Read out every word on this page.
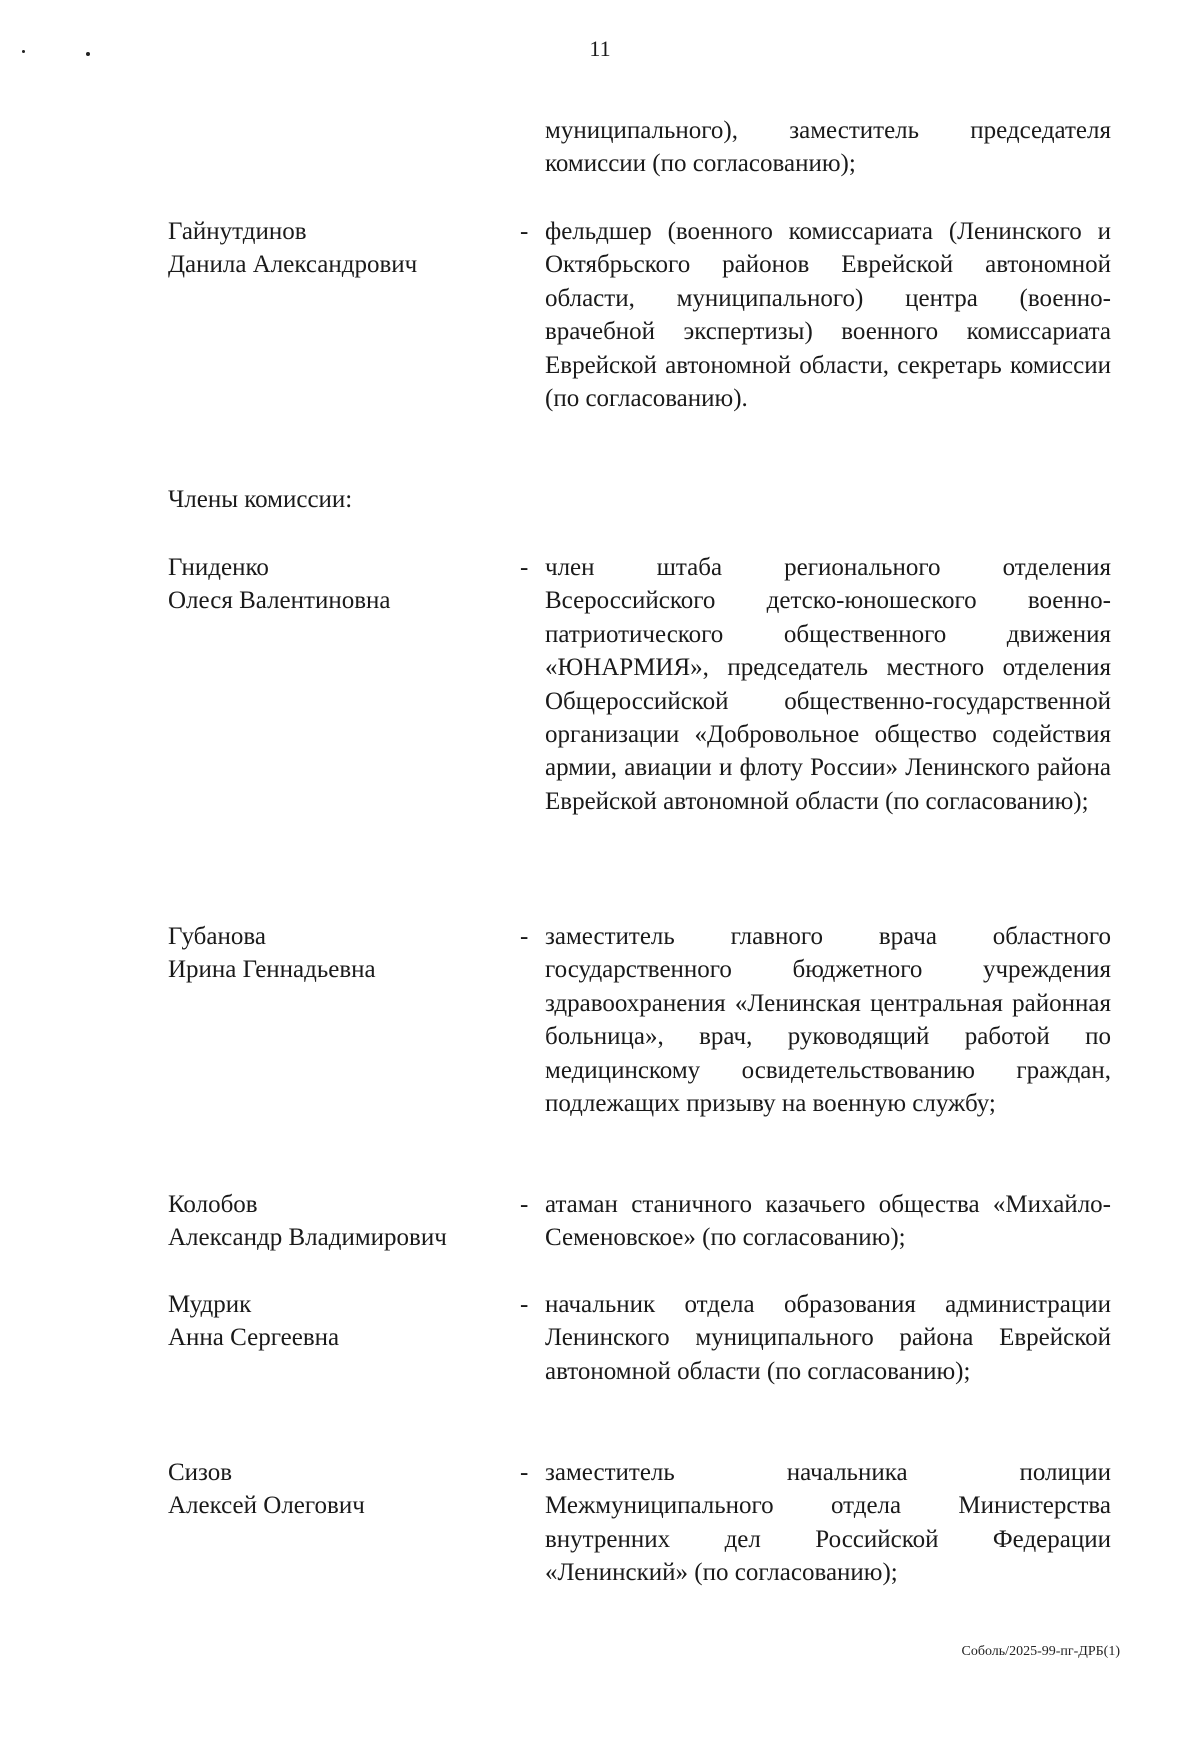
11
муниципального), заместитель председателя комиссии (по согласованию);
Гайнутдинов
Данила Александрович
- фельдшер (военного комиссариата (Ленинского и Октябрьского районов Еврейской автономной области, муниципального) центра (военно-врачебной экспертизы) военного комиссариата Еврейской автономной области, секретарь комиссии (по согласованию).
Члены комиссии:
Гниденко
Олеся Валентиновна
- член штаба регионального отделения Всероссийского детско-юношеского военно-патриотического общественного движения «ЮНАРМИЯ», председатель местного отделения Общероссийской общественно-государственной организации «Добровольное общество содействия армии, авиации и флоту России» Ленинского района Еврейской автономной области (по согласованию);
Губанова
Ирина Геннадьевна
- заместитель главного врача областного государственного бюджетного учреждения здравоохранения «Ленинская центральная районная больница», врач, руководящий работой по медицинскому освидетельствованию граждан, подлежащих призыву на военную службу;
Колобов
Александр Владимирович
- атаман станичного казачьего общества «Михайло-Семеновское» (по согласованию);
Мудрик
Анна Сергеевна
- начальник отдела образования администрации Ленинского муниципального района Еврейской автономной области (по согласованию);
Сизов
Алексей Олегович
- заместитель начальника полиции Межмуниципального отдела Министерства внутренних дел Российской Федерации «Ленинский» (по согласованию);
Соболь/2025-99-пг-ДРБ(1)
